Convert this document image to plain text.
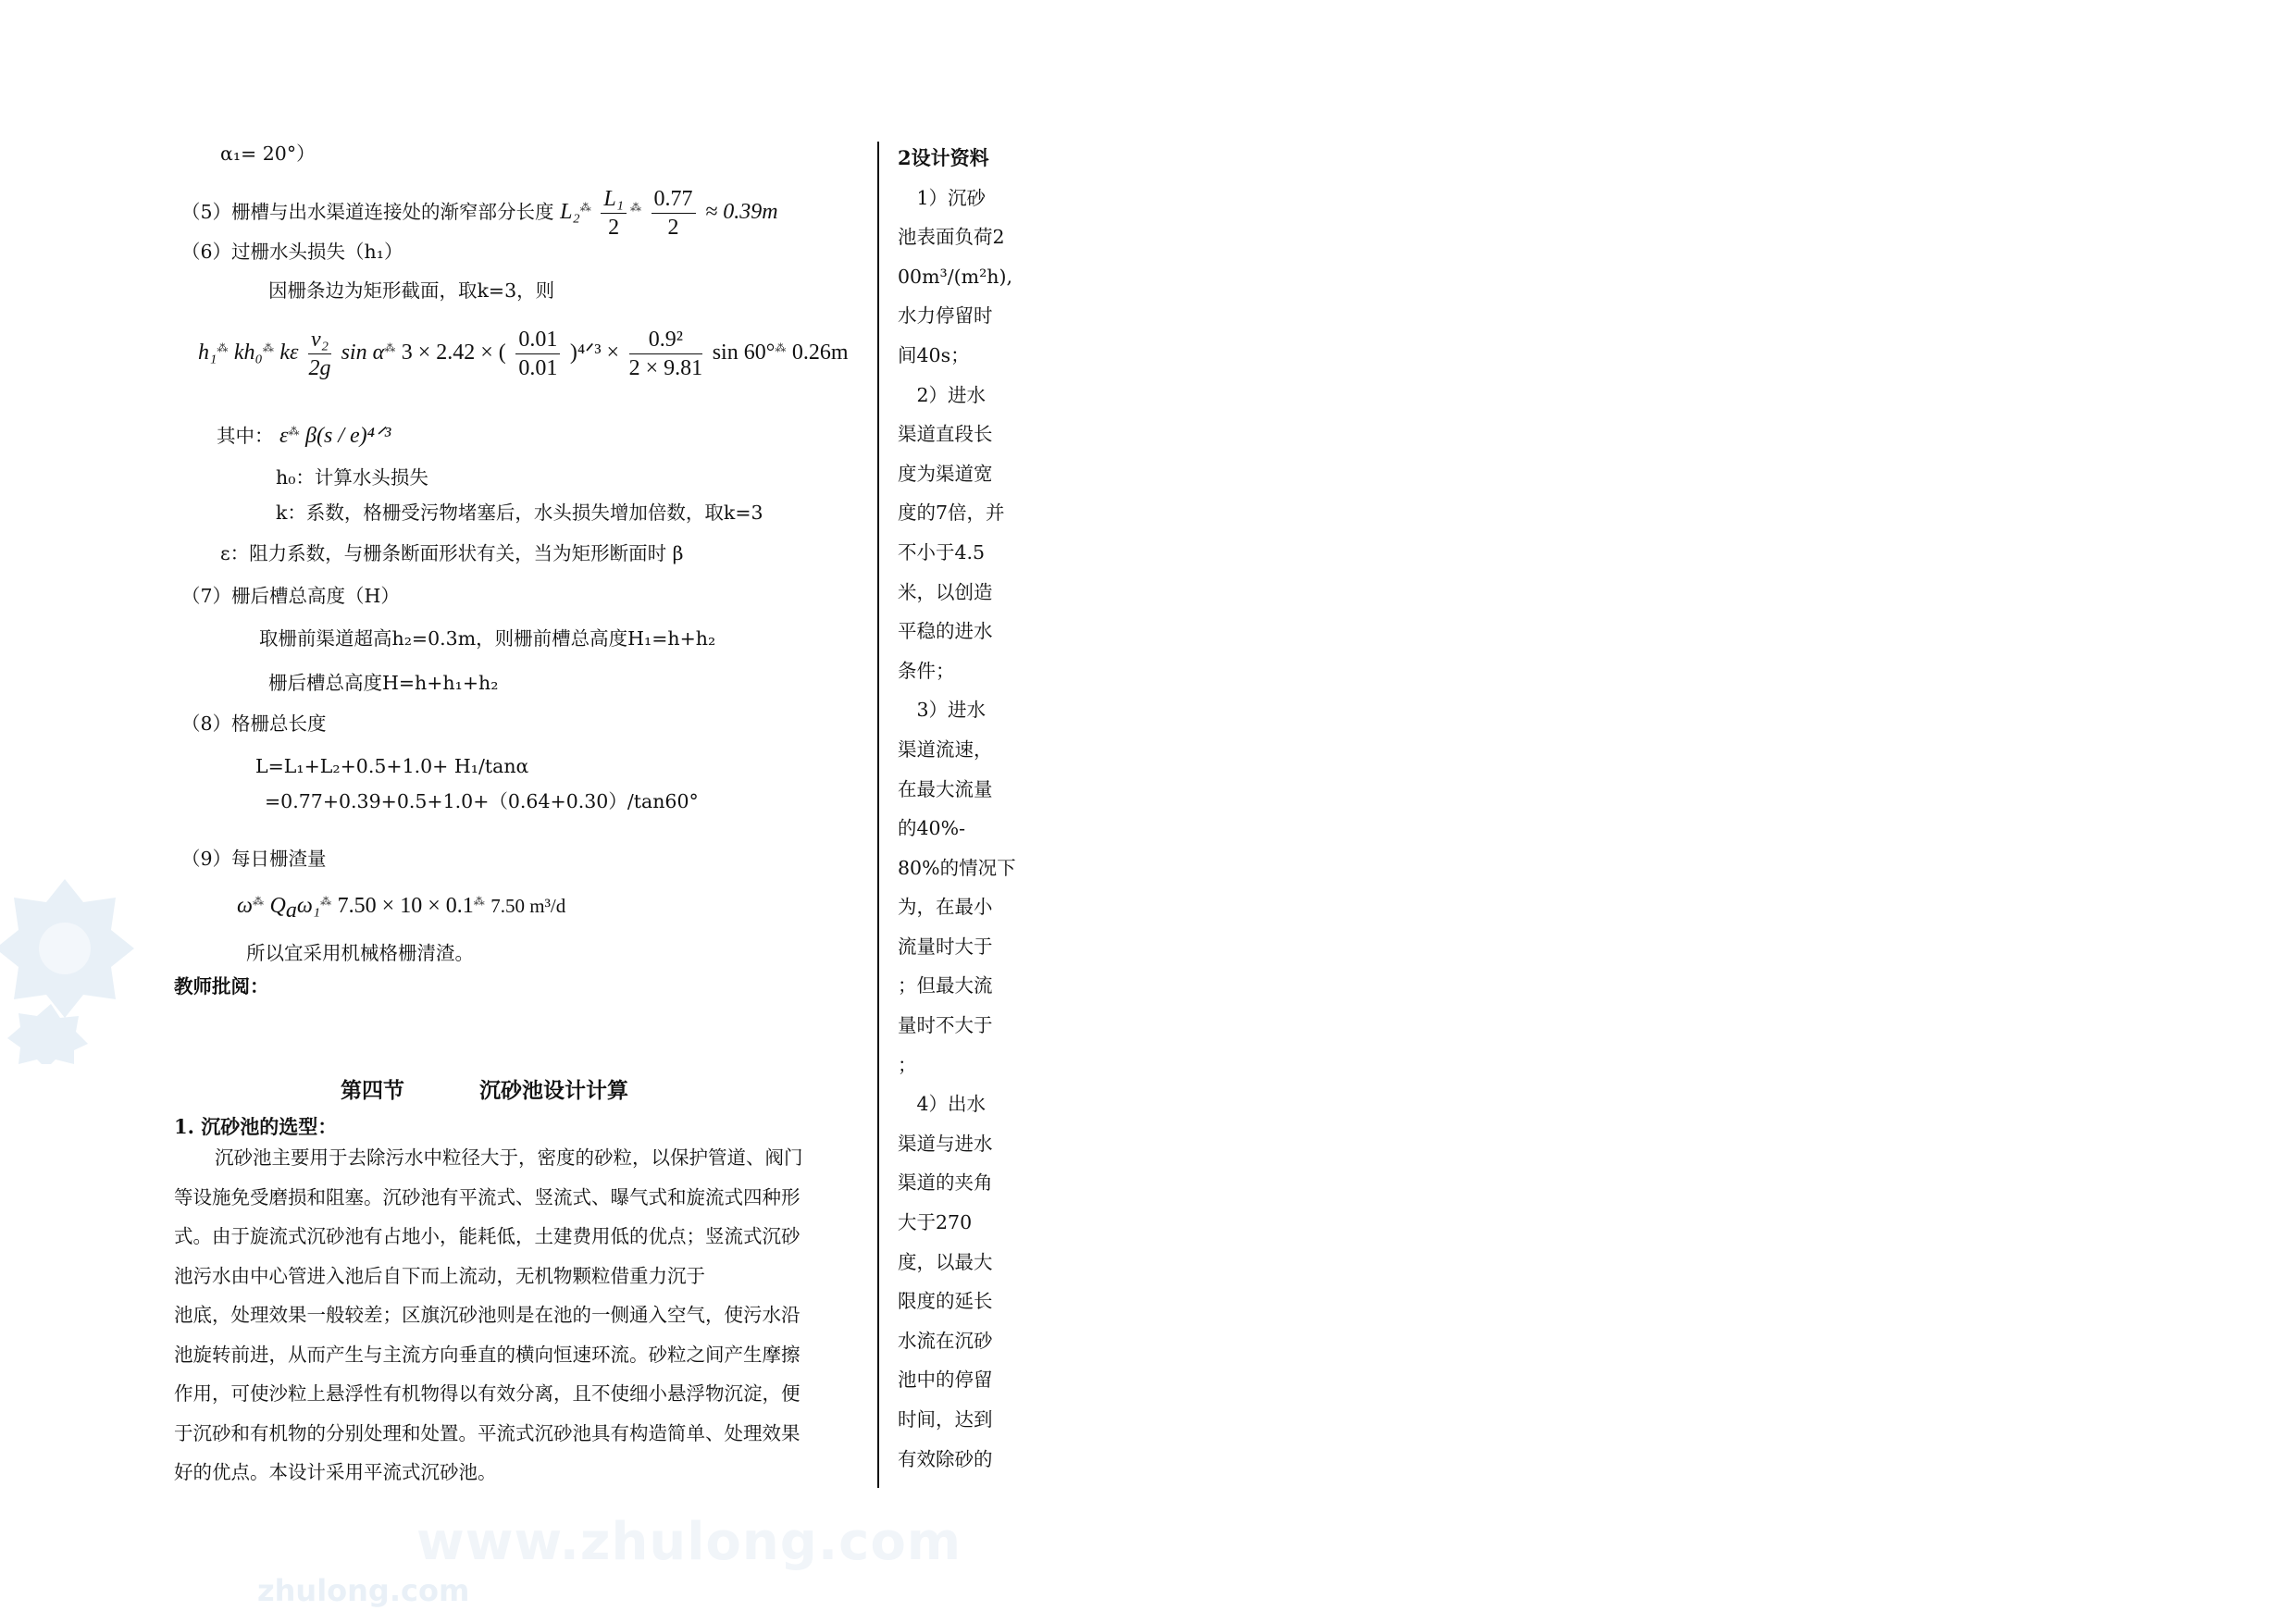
α₁= 20°）
（5）栅槽与出水渠道连接处的渐窄部分长度 $L_2^⁂ \frac{\text{L₁}}{2} ^⁂ \frac{0.77}{2} \approx 0.39m$
（6）过栅水头损失（h₁）
因栅条边为矩形截面，取k=3，则
h₁⁂ kh₀⁂ kε $\frac{\text{v₂}}{2g}$ sin α⁂ 3 × 2.42 × ( $\frac{0.01}{0.01}$ )⁴ᐟ³ × $\frac{\text{0.9²}}{2 \times 9.81}$ sin 60°⁂ 0.26m
其中： ε⁂ β(s / e)⁴ᐟ³
h₀：计算水头损失
k：系数，格栅受污物堵塞后，水头损失增加倍数，取k=3
ε：阻力系数，与栅条断面形状有关，当为矩形断面时 β
（7）栅后槽总高度（H）
取栅前渠道超高h₂=0.3m，则栅前槽总高度H₁=h+h₂
栅后槽总高度H=h+h₁+h₂
（8）格栅总长度
L=L₁+L₂+0.5+1.0+ H₁/tanα
=0.77+0.39+0.5+1.0+（0.64+0.30）/tan60°
（9）每日栅渣量
ω⁂ $Q_a\omega_1^⁂$ 7.50 × 10 × 0.1⁂ 7.50 m³/d
所以宜采用机械格栅清渣。
教师批阅：
第四节	沉砂池设计计算
1. 沉砂池的选型：
沉砂池主要用于去除污水中粒径大于，密度的砂粒，以保护管道、阀门
等设施免受磨损和阻塞。沉砂池有平流式、竖流式、曝气式和旋流式四种形
式。由于旋流式沉砂池有占地小，能耗低，土建费用低的优点；竖流式沉砂
池污水由中心管进入池后自下而上流动，无机物颗粒借重力沉于
池底，处理效果一般较差；区旗沉砂池则是在池的一侧通入空气，使污水沿
池旋转前进，从而产生与主流方向垂直的横向恒速环流。砂粒之间产生摩擦
作用，可使沙粒上悬浮性有机物得以有效分离，且不使细小悬浮物沉淀，便
于沉砂和有机物的分别处理和处置。平流式沉砂池具有构造简单、处理效果
好的优点。本设计采用平流式沉砂池。

2设计资料

　1）沉砂

池表面负荷2

00m³/(m²h),

水力停留时

间40s；

　2）进水

渠道直段长

度为渠道宽

度的7倍，并

不小于4.5

米，以创造

平稳的进水

条件；

　3）进水

渠道流速，

在最大流量

的40%-

80%的情况下

为，在最小

流量时大于

；但最大流

量时不大于

；

　4）出水

渠道与进水

渠道的夹角

大于270

度，以最大

限度的延长

水流在沉砂

池中的停留

时间，达到

有效除砂的

www.zhulong.com
zhulong.com
